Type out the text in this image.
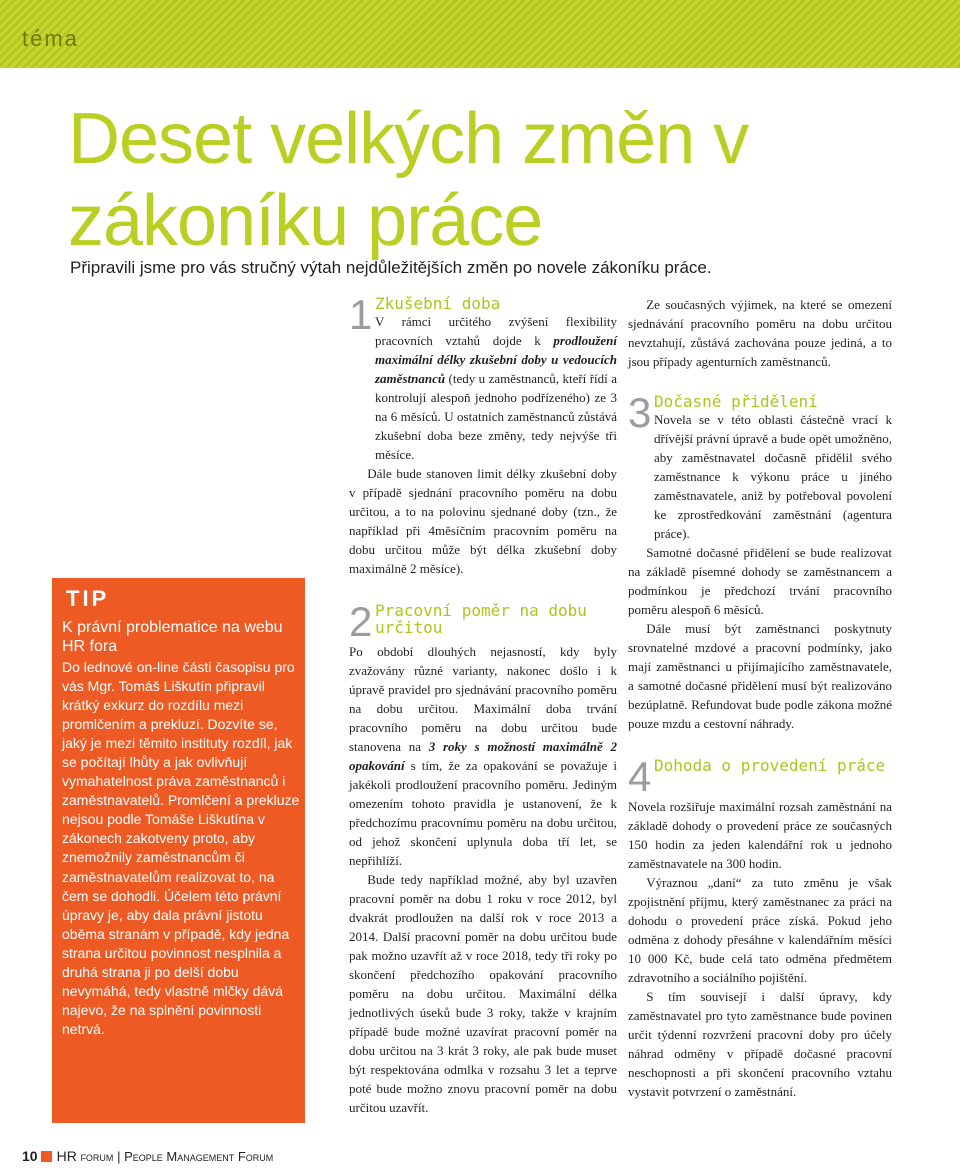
téma
Deset velkých změn v zákoníku práce
Připravili jsme pro vás stručný výtah nejdůležitějších změn po novele zákoníku práce.
TIP

K právní problematice na webu HR fora

Do lednové on-line části časopisu pro vás Mgr. Tomáš Liškutín připravil krátký exkurz do rozdílu mezi promlčením a prekluzí. Dozvíte se, jaký je mezi těmito instituty rozdíl, jak se počítají lhůty a jak ovlivňují vymahatelnost práva zaměstnanců i zaměstnavatelů. Promlčení a prekluze nejsou podle Tomáše Liškutína v zákonech zakotveny proto, aby znemožnily zaměstnancům či zaměstnavatelům realizovat to, na čem se dohodli. Účelem této právní úpravy je, aby dala právní jistotu oběma stranám v případě, kdy jedna strana určitou povinnost nesplnila a druhá strana ji po delší dobu nevymáhá, tedy vlastně mlčky dává najevo, že na splnění povinnosti netrvá.

1 Zkušební doba
V rámci určitého zvýšení flexibility pracovních vztahů dojde k prodloužení maximální délky zkušební doby u vedoucích zaměstnanců (tedy u zaměstnanců, kteří řídí a kontrolují alespoň jednoho podřízeného) ze 3 na 6 měsíců. U ostatních zaměstnanců zůstává zkušební doba beze změny, tedy nejvýše tři měsíce.

Dále bude stanoven limit délky zkušební doby v případě sjednání pracovního poměru na dobu určitou, a to na polovinu sjednané doby (tzn., že například při 4měsíčním pracovním poměru na dobu určitou může být délka zkušební doby maximálně 2 měsíce).

2 Pracovní poměr na dobu určitou

Po období dlouhých nejasností, kdy byly zvažovány různé varianty, nakonec došlo i k úpravě pravidel pro sjednávání pracovního poměru na dobu určitou. Maximální doba trvání pracovního poměru na dobu určitou bude stanovena na 3 roky s možností maximálně 2 opakování s tím, že za opakování se považuje i jakékoli prodloužení pracovního poměru. Jediným omezením tohoto pravidla je ustanovení, že k předchozímu pracovnímu poměru na dobu určitou, od jehož skončení uplynula doba tří let, se nepřihlíží.

Bude tedy například možné, aby byl uzavřen pracovní poměr na dobu 1 roku v roce 2012, byl dvakrát prodloužen na další rok v roce 2013 a 2014. Další pracovní poměr na dobu určitou bude pak možno uzavřít až v roce 2018, tedy tři roky po skončení předchozího opakování pracovního poměru na dobu určitou. Maximální délka jednotlivých úseků bude 3 roky, takže v krajním případě bude možné uzavírat pracovní poměr na dobu určitou na 3 krát 3 roky, ale pak bude muset být respektována odmlka v rozsahu 3 let a teprve poté bude možno znovu pracovní poměr na dobu určitou uzavřít.

Ze současných výjimek, na které se omezení sjednávání pracovního poměru na dobu určitou nevztahují, zůstává zachována pouze jediná, a to jsou případy agenturních zaměstnanců.

3 Dočasné přidělení
Novela se v této oblasti částečně vrací k dřívější právní úpravě a bude opět umožněno, aby zaměstnavatel dočasně přidělil svého zaměstnance k výkonu práce u jiného zaměstnavatele, aniž by potřeboval povolení ke zprostředkování zaměstnání (agentura práce).

Samotné dočasné přidělení se bude realizovat na základě písemné dohody se zaměstnancem a podmínkou je předchozí trvání pracovního poměru alespoň 6 měsíců.

Dále musí být zaměstnanci poskytnuty srovnatelné mzdové a pracovní podmínky, jako mají zaměstnanci u přijímajícího zaměstnavatele, a samotné dočasné přidělení musí být realizováno bezúplatně. Refundovat bude podle zákona možné pouze mzdu a cestovní náhrady.

4 Dohoda o provedení práce

Novela rozšiřuje maximální rozsah zaměstnání na základě dohody o provedení práce ze současných 150 hodin za jeden kalendářní rok u jednoho zaměstnavatele na 300 hodin.

Výraznou „daní“ za tuto změnu je však zpojistnění příjmu, který zaměstnanec za práci na dohodu o provedení práce získá. Pokud jeho odměna z dohody přesáhne v kalendářním měsíci 10 000 Kč, bude celá tato odměna předmětem zdravotního a sociálního pojištění.

S tím souvisejí i další úpravy, kdy zaměstnavatel pro tyto zaměstnance bude povinen určit týdenní rozvržení pracovní doby pro účely náhrad odměny v případě dočasné pracovní neschopnosti a při skončení pracovního vztahu vystavit potvrzení o zaměstnání.

10 HR forum | People Management Forum
